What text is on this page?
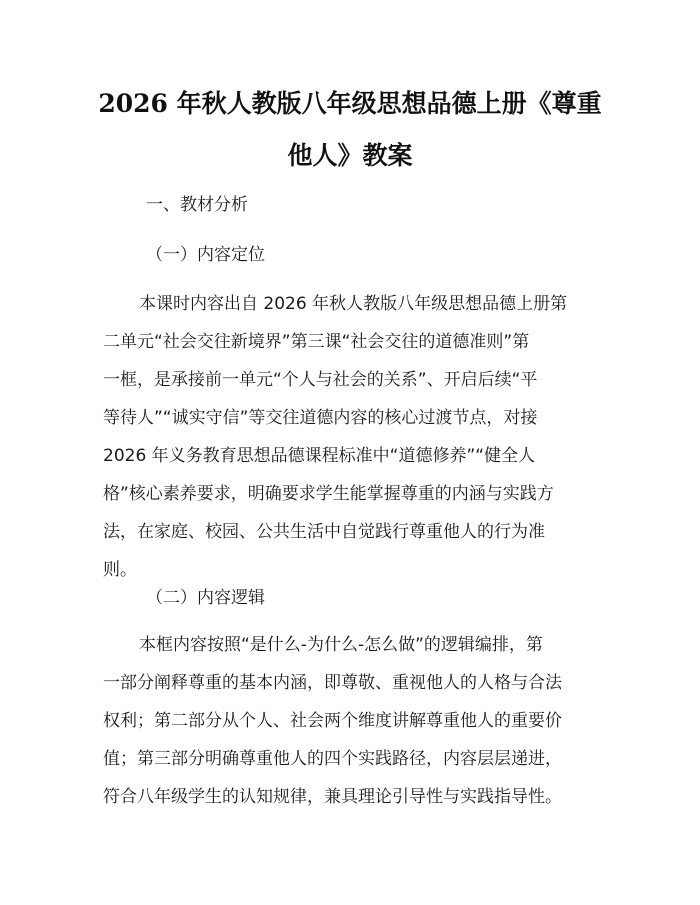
2026 年秋人教版八年级思想品德上册《尊重
他人》教案
一、教材分析
（一）内容定位
本课时内容出自 2026 年秋人教版八年级思想品德上册第
二单元“社会交往新境界”第三课“社会交往的道德准则”第
一框，是承接前一单元“个人与社会的关系”、开启后续“平
等待人”“诚实守信”等交往道德内容的核心过渡节点，对接
2026 年义务教育思想品德课程标准中“道德修养”“健全人
格”核心素养要求，明确要求学生能掌握尊重的内涵与实践方
法，在家庭、校园、公共生活中自觉践行尊重他人的行为准
则。
（二）内容逻辑
本框内容按照“是什么-为什么-怎么做”的逻辑编排，第
一部分阐释尊重的基本内涵，即尊敬、重视他人的人格与合法
权利；第二部分从个人、社会两个维度讲解尊重他人的重要价
值；第三部分明确尊重他人的四个实践路径，内容层层递进，
符合八年级学生的认知规律，兼具理论引导性与实践指导性。
